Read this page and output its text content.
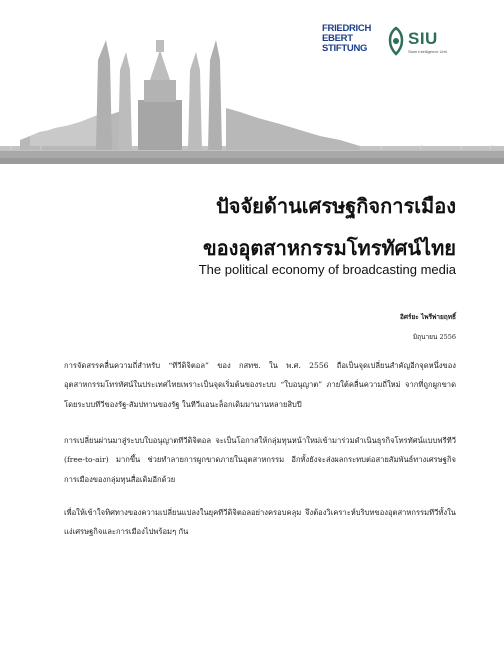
FRIEDRICH
EBERT
STIFTUNG
SIU
Siam Intelligence Unit
ปัจจัยด้านเศรษฐกิจการเมือง
ของอุตสาหกรรมโทรทัศน์ไทย
The political economy of broadcasting media
อิศร์ยะ ไพรีพ่ายฤทธิ์
มิถุนายน 2556

การจัดสรรคลื่นความถี่สำหรับ “ทีวีดิจิตอล” ของ กสทช. ใน พ.ศ. 2556 ถือเป็นจุดเปลี่ยนสำคัญอีกจุดหนึ่งของอุตสาหกรรมโทรทัศน์ในประเทศไทยเพราะเป็นจุดเริ่มต้นของระบบ “ใบอนุญาต” ภายใต้คลื่นความถี่ใหม่ จากที่ถูกผูกขาดโดยระบบทีวีของรัฐ-สัมปทานของรัฐ ในทีวีแอนะล็อกเดิมมานานหลายสิบปี

การเปลี่ยนผ่านมาสู่ระบบใบอนุญาตทีวีดิจิตอล จะเป็นโอกาสให้กลุ่มทุนหน้าใหม่เข้ามาร่วมดำเนินธุรกิจโทรทัศน์แบบฟรีทีวี (free-to-air) มากขึ้น ช่วยทำลายการผูกขาดภายในอุตสาหกรรม อีกทั้งยังจะส่งผลกระทบต่อสายสัมพันธ์ทางเศรษฐกิจ การเมืองของกลุ่มทุนสื่อเดิมอีกด้วย

เพื่อให้เข้าใจทิศทางของความเปลี่ยนแปลงในยุคทีวีดิจิตอลอย่างครอบคลุม จึงต้องวิเคราะห์บริบทของอุตสาหกรรมทีวีทั้งในแง่เศรษฐกิจและการเมืองไปพร้อมๆ กัน
